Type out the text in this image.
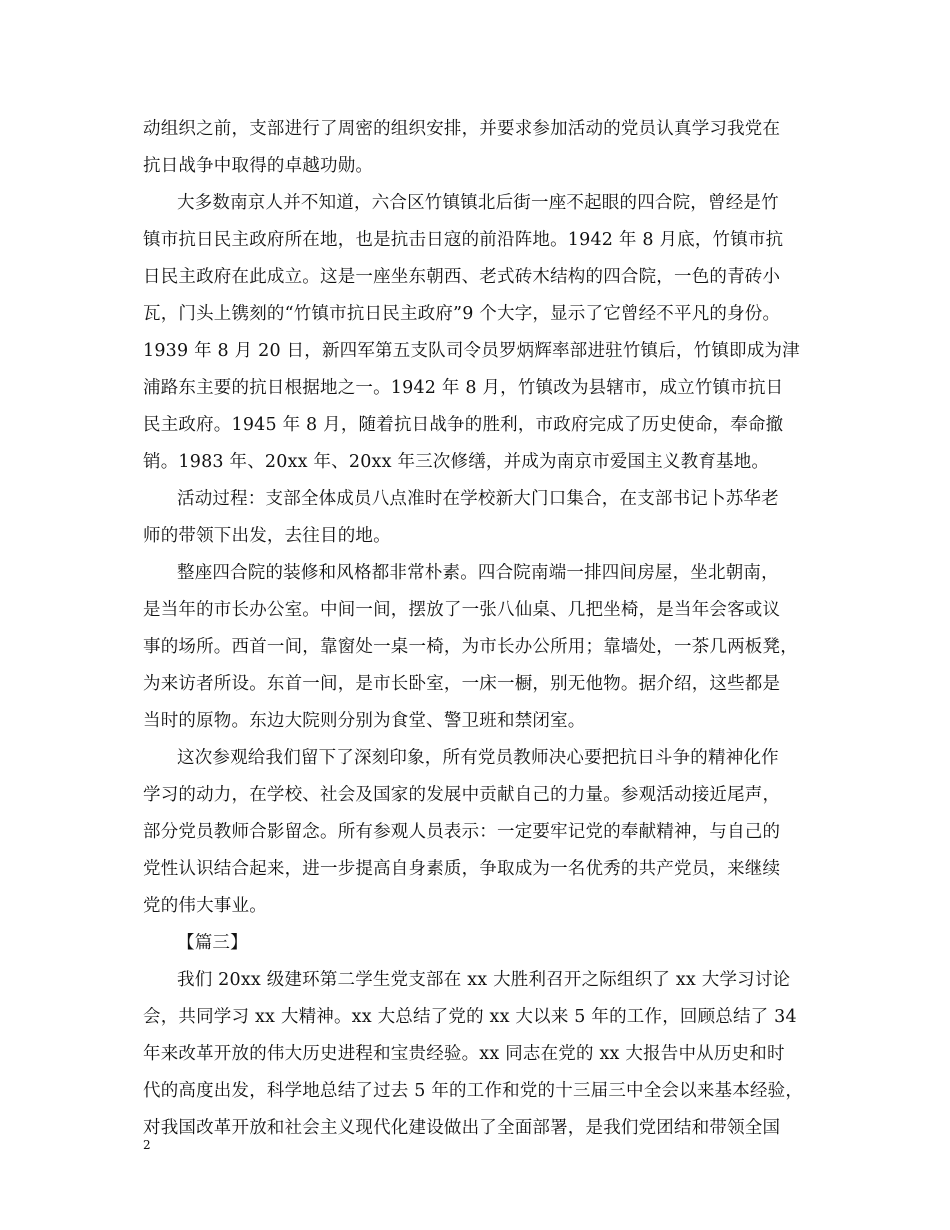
动组织之前，支部进行了周密的组织安排，并要求参加活动的党员认真学习我党在
抗日战争中取得的卓越功勋。
大多数南京人并不知道，六合区竹镇镇北后街一座不起眼的四合院，曾经是竹
镇市抗日民主政府所在地，也是抗击日寇的前沿阵地。1942 年 8 月底，竹镇市抗
日民主政府在此成立。这是一座坐东朝西、老式砖木结构的四合院，一色的青砖小
瓦，门头上镌刻的“竹镇市抗日民主政府”9 个大字，显示了它曾经不平凡的身份。
1939 年 8 月 20 日，新四军第五支队司令员罗炳辉率部进驻竹镇后，竹镇即成为津
浦路东主要的抗日根据地之一。1942 年 8 月，竹镇改为县辖市，成立竹镇市抗日
民主政府。1945 年 8 月，随着抗日战争的胜利，市政府完成了历史使命，奉命撤
销。1983 年、20xx 年、20xx 年三次修缮，并成为南京市爱国主义教育基地。
活动过程：支部全体成员八点准时在学校新大门口集合，在支部书记卜苏华老
师的带领下出发，去往目的地。
整座四合院的装修和风格都非常朴素。四合院南端一排四间房屋，坐北朝南，
是当年的市长办公室。中间一间，摆放了一张八仙桌、几把坐椅，是当年会客或议
事的场所。西首一间，靠窗处一桌一椅，为市长办公所用；靠墙处，一茶几两板凳，
为来访者所设。东首一间，是市长卧室，一床一橱，别无他物。据介绍，这些都是
当时的原物。东边大院则分别为食堂、警卫班和禁闭室。
这次参观给我们留下了深刻印象，所有党员教师决心要把抗日斗争的精神化作
学习的动力，在学校、社会及国家的发展中贡献自己的力量。参观活动接近尾声，
部分党员教师合影留念。所有参观人员表示：一定要牢记党的奉献精神，与自己的
党性认识结合起来，进一步提高自身素质，争取成为一名优秀的共产党员，来继续
党的伟大事业。
【篇三】
我们 20xx 级建环第二学生党支部在 xx 大胜利召开之际组织了 xx 大学习讨论
会，共同学习 xx 大精神。xx 大总结了党的 xx 大以来 5 年的工作，回顾总结了 34
年来改革开放的伟大历史进程和宝贵经验。xx 同志在党的 xx 大报告中从历史和时
代的高度出发，科学地总结了过去 5 年的工作和党的十三届三中全会以来基本经验，
对我国改革开放和社会主义现代化建设做出了全面部署，是我们党团结和带领全国
2
